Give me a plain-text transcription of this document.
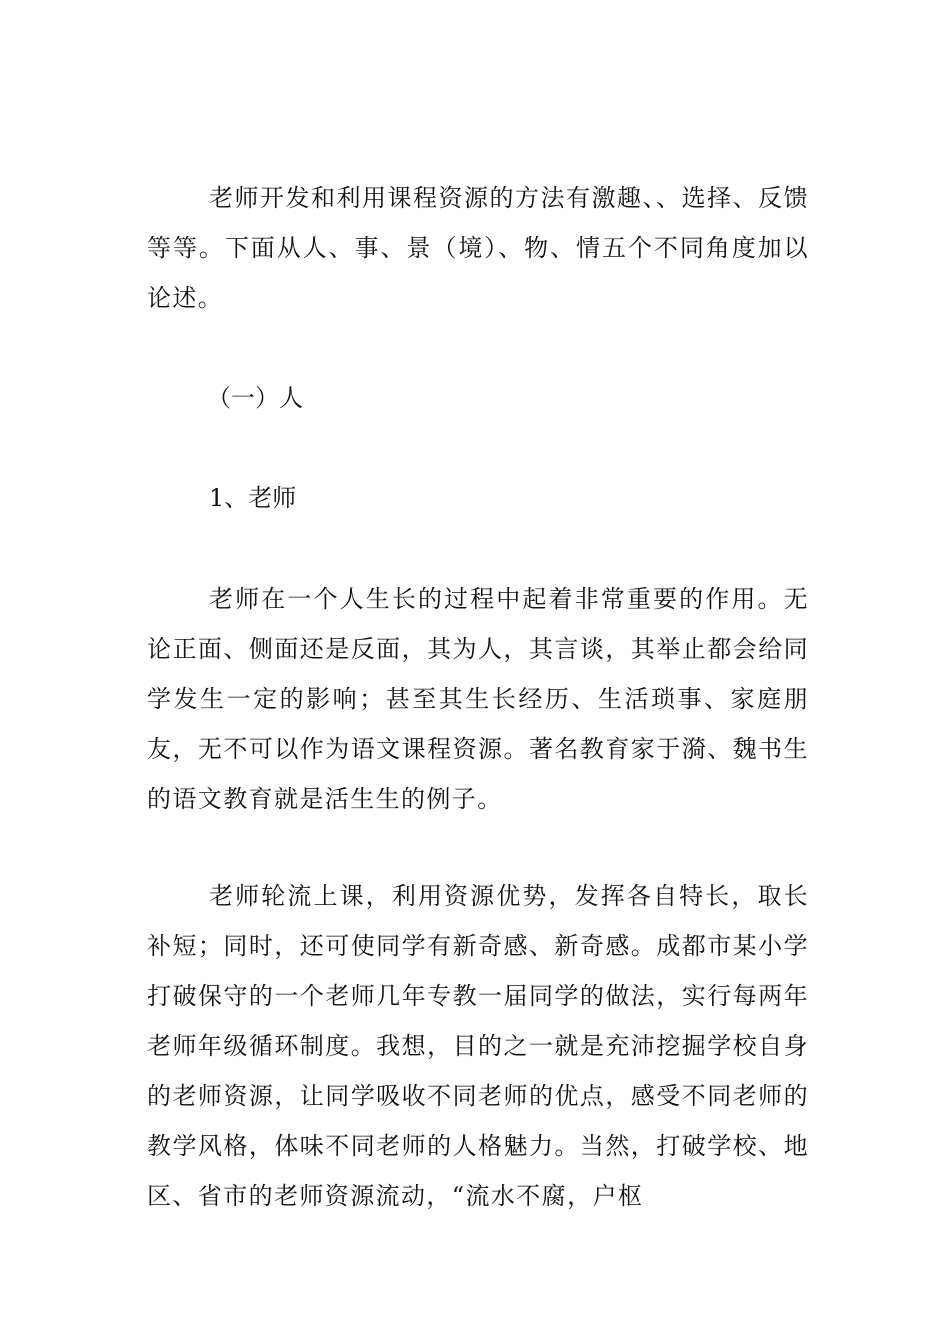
老师开发和利用课程资源的方法有激趣、、选择、反馈等等。下面从人、事、景（境）、物、情五个不同角度加以论述。

（一）人

1、老师

老师在一个人生长的过程中起着非常重要的作用。无论正面、侧面还是反面，其为人，其言谈，其举止都会给同学发生一定的影响；甚至其生长经历、生活琐事、家庭朋友，无不可以作为语文课程资源。著名教育家于漪、魏书生的语文教育就是活生生的例子。

老师轮流上课，利用资源优势，发挥各自特长，取长补短；同时，还可使同学有新奇感、新奇感。成都市某小学打破保守的一个老师几年专教一届同学的做法，实行每两年老师年级循环制度。我想，目的之一就是充沛挖掘学校自身的老师资源，让同学吸收不同老师的优点，感受不同老师的教学风格，体味不同老师的人格魅力。当然，打破学校、地区、省市的老师资源流动，“流水不腐，户枢
